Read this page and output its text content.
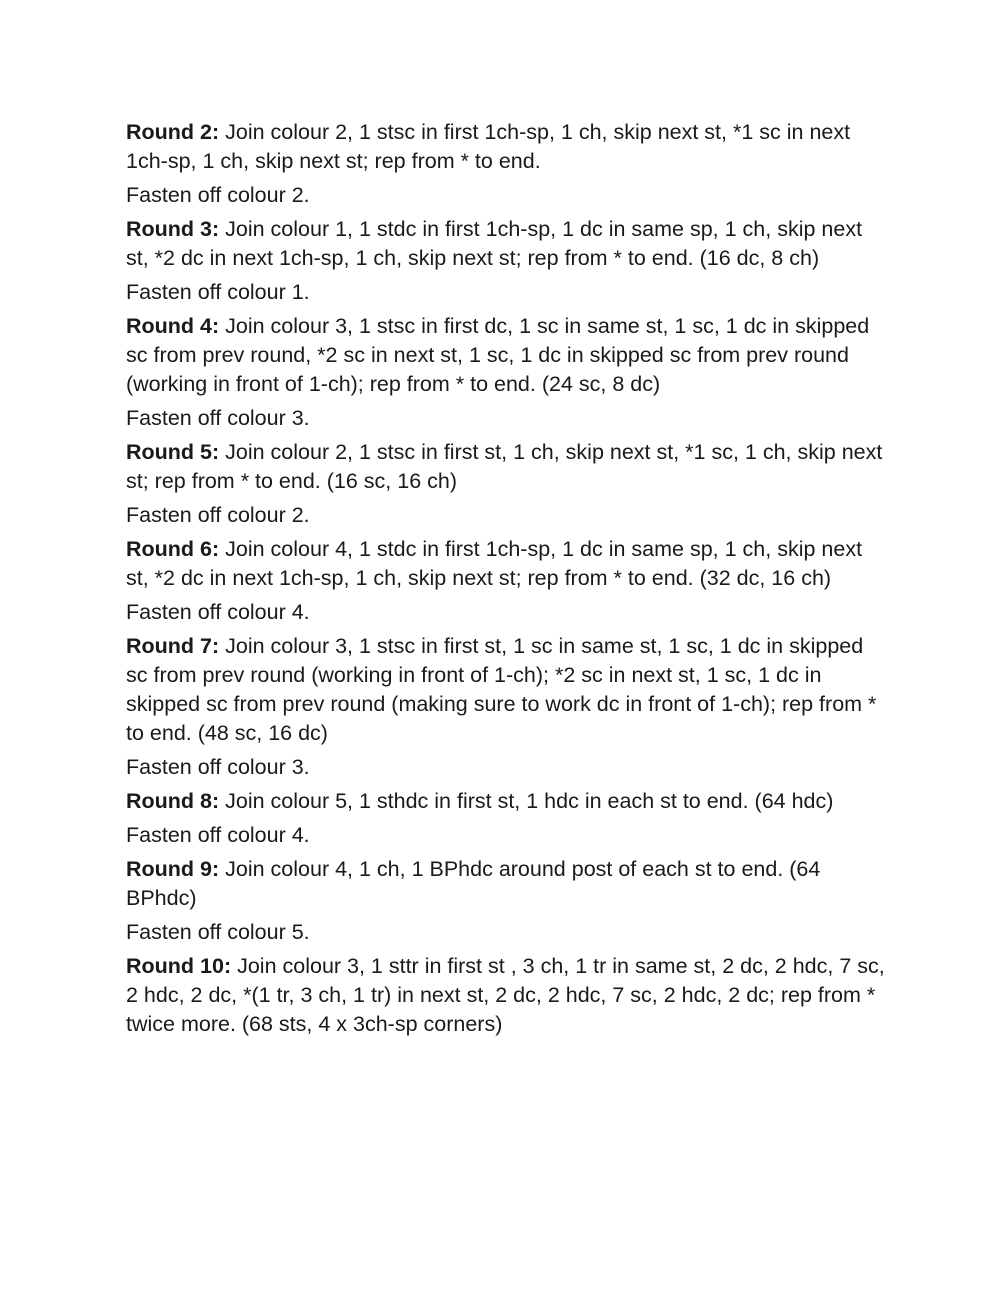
Round 2: Join colour 2, 1 stsc in first 1ch-sp, 1 ch, skip next st, *1 sc in next 1ch-sp, 1 ch, skip next st; rep from * to end.

Fasten off colour 2.

Round 3: Join colour 1, 1 stdc in first 1ch-sp, 1 dc in same sp, 1 ch, skip next st, *2 dc in next 1ch-sp, 1 ch, skip next st; rep from * to end. (16 dc, 8 ch)

Fasten off colour 1.

Round 4: Join colour 3, 1 stsc in first dc, 1 sc in same st, 1 sc, 1 dc in skipped sc from prev round, *2 sc in next st, 1 sc, 1 dc in skipped sc from prev round (working in front of 1-ch); rep from * to end. (24 sc, 8 dc)

Fasten off colour 3.

Round 5: Join colour 2, 1 stsc in first st, 1 ch, skip next st, *1 sc, 1 ch, skip next st; rep from * to end. (16 sc, 16 ch)

Fasten off colour 2.

Round 6: Join colour 4, 1 stdc in first 1ch-sp, 1 dc in same sp, 1 ch, skip next st, *2 dc in next 1ch-sp, 1 ch, skip next st; rep from * to end. (32 dc, 16 ch)

Fasten off colour 4.

Round 7: Join colour 3, 1 stsc in first st, 1 sc in same st, 1 sc, 1 dc in skipped sc from prev round (working in front of 1-ch); *2 sc in next st, 1 sc, 1 dc in skipped sc from prev round (making sure to work dc in front of 1-ch); rep from * to end. (48 sc, 16 dc)

Fasten off colour 3.

Round 8: Join colour 5, 1 sthdc in first st, 1 hdc in each st to end. (64 hdc)

Fasten off colour 4.

Round 9: Join colour 4, 1 ch, 1 BPhdc around post of each st to end. (64 BPhdc)

Fasten off colour 5.

Round 10: Join colour 3, 1 sttr in first st , 3 ch, 1 tr in same st, 2 dc, 2 hdc, 7 sc, 2 hdc, 2 dc, *(1 tr, 3 ch, 1 tr) in next st, 2 dc, 2 hdc, 7 sc, 2 hdc, 2 dc; rep from * twice more. (68 sts, 4 x 3ch-sp corners)
